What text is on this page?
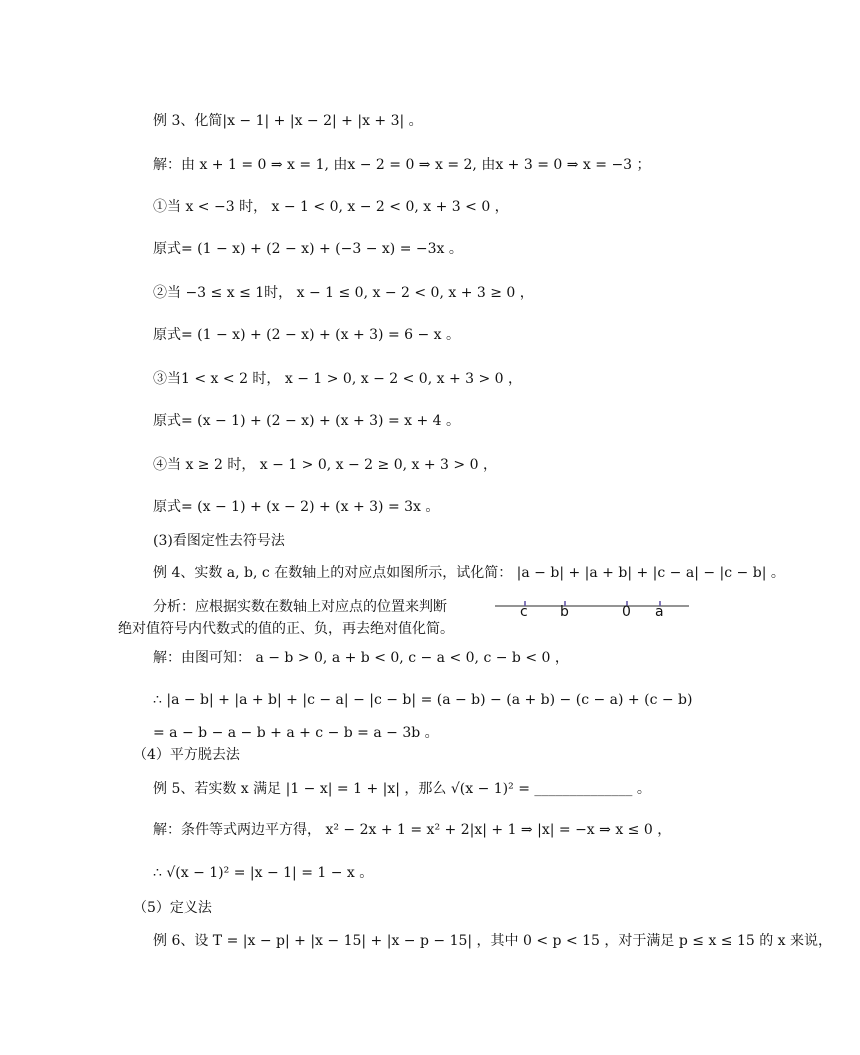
例 3、化简|x − 1| + |x − 2| + |x + 3| 。
解：由 x + 1 = 0 ⇒ x = 1, 由x − 2 = 0 ⇒ x = 2, 由x + 3 = 0 ⇒ x = −3 ；
①当 x < −3 时， x − 1 < 0, x − 2 < 0, x + 3 < 0 ，
原式= (1 − x) + (2 − x) + (−3 − x) = −3x 。
②当 −3 ≤ x ≤ 1时， x − 1 ≤ 0, x − 2 < 0, x + 3 ≥ 0 ，
原式= (1 − x) + (2 − x) + (x + 3) = 6 − x 。
③当1 < x < 2 时， x − 1 > 0, x − 2 < 0, x + 3 > 0 ，
原式= (x − 1) + (2 − x) + (x + 3) = x + 4 。
④当 x ≥ 2 时， x − 1 > 0, x − 2 ≥ 0, x + 3 > 0 ，
原式= (x − 1) + (x − 2) + (x + 3) = 3x 。
(3)看图定性去符号法
例 4、实数 a, b, c 在数轴上的对应点如图所示，试化简： |a − b| + |a + b| + |c − a| − |c − b| 。
分析：应根据实数在数轴上对应点的位置来判断
绝对值符号内代数式的值的正、负，再去绝对值化简。
c b	0 a
解：由图可知： a − b > 0, a + b < 0, c − a < 0, c − b < 0 ，
∴ |a − b| + |a + b| + |c − a| − |c − b| = (a − b) − (a + b) − (c − a) + (c − b)
= a − b − a − b + a + c − b = a − 3b 。
（4）平方脱去法
例 5、若实数 x 满足 |1 − x| = 1 + |x| ，那么 √(x − 1)² = ______________ 。
解：条件等式两边平方得， x² − 2x + 1 = x² + 2|x| + 1 ⇒ |x| = −x ⇒ x ≤ 0 ，
∴ √(x − 1)² = |x − 1| = 1 − x 。
（5）定义法
例 6、设 T = |x − p| + |x − 15| + |x − p − 15| ，其中 0 < p < 15 ，对于满足 p ≤ x ≤ 15 的 x 来说，
